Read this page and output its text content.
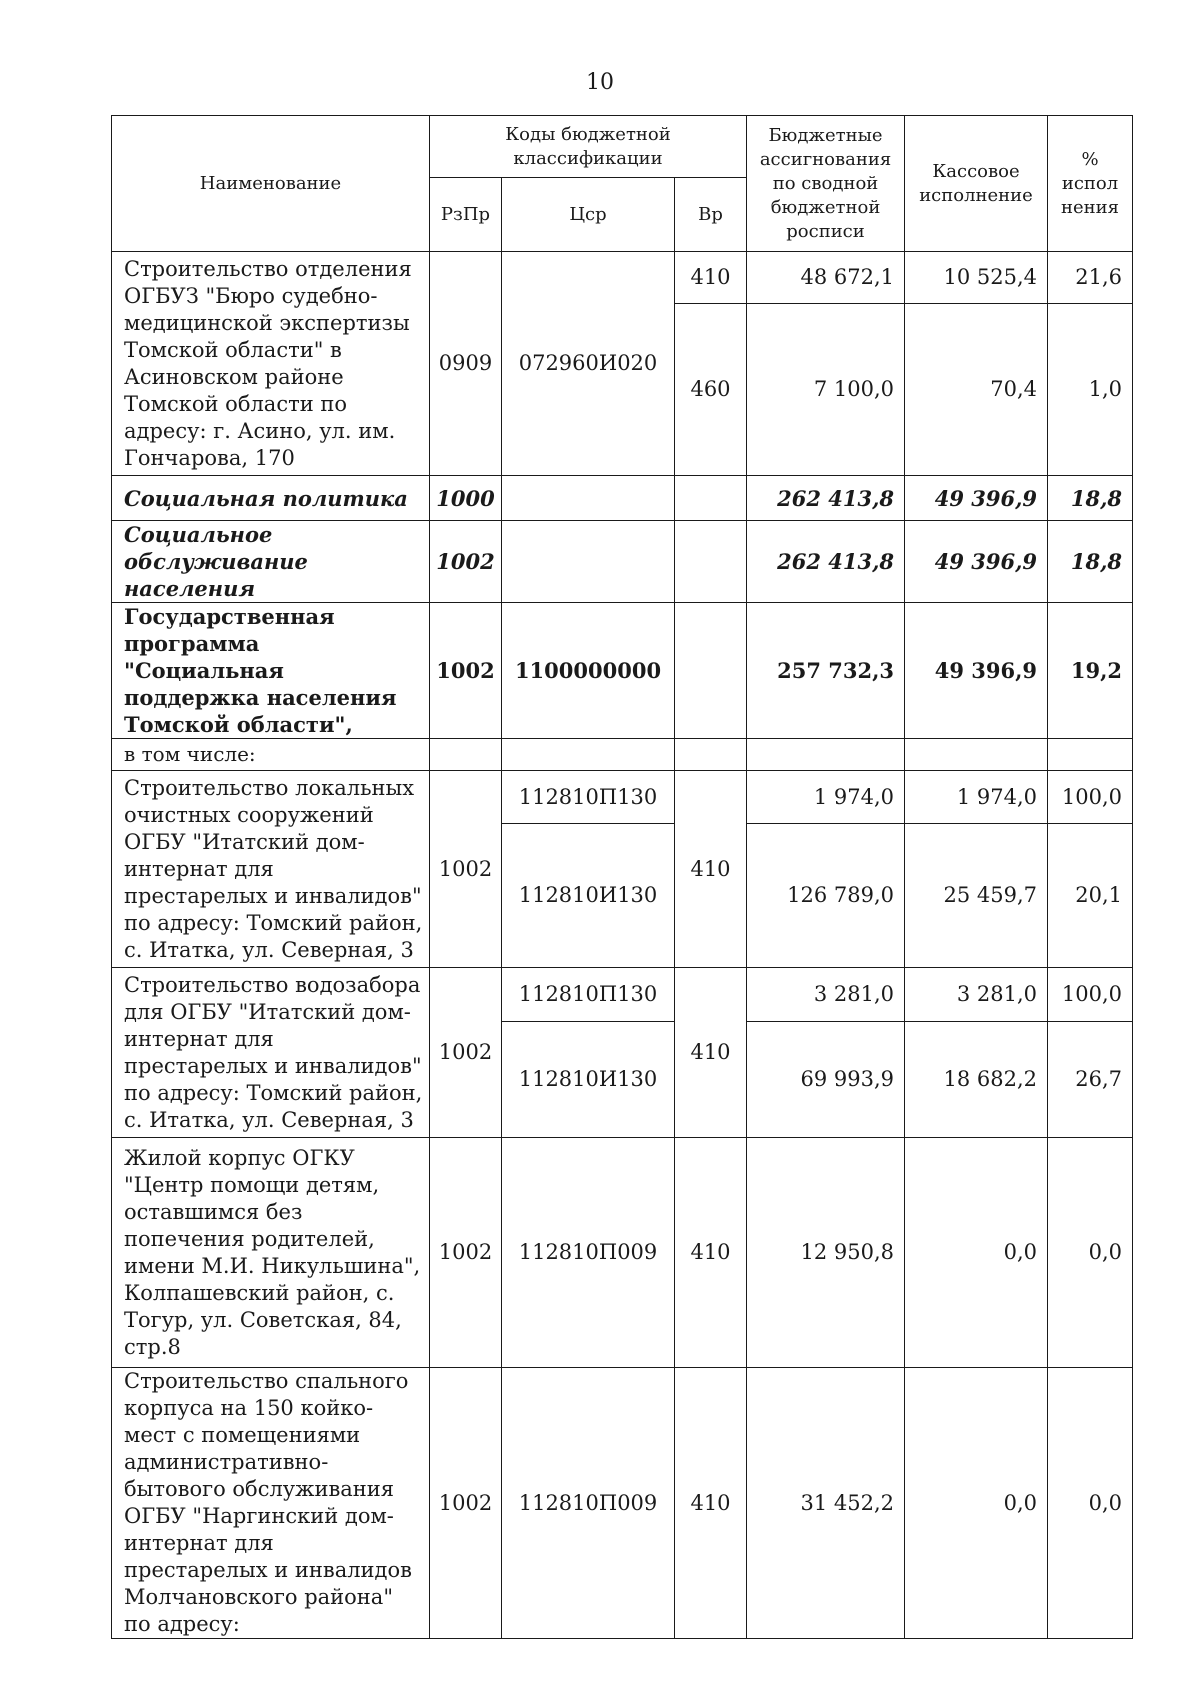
10
Наименование	Коды бюджетной классификации			Бюджетные ассигнования по сводной бюджетной росписи	Кассовое исполнение	% испол нения
	РзПр	Цср	Вр			
Строительство отделения ОГБУЗ "Бюро судебно-медицинской экспертизы Томской области" в Асиновском районе Томской области по адресу: г. Асино, ул. им. Гончарова, 170	0909	072960И020	410	48 672,1	10 525,4	21,6
			460	7 100,0	70,4	1,0
Социальная политика	1000			262 413,8	49 396,9	18,8
Социальное обслуживание населения	1002			262 413,8	49 396,9	18,8
Государственная программа "Социальная поддержка населения Томской области",	1002	1100000000		257 732,3	49 396,9	19,2
в том числе:						
Строительство локальных очистных сооружений ОГБУ "Итатский дом-интернат для престарелых и инвалидов" по адресу: Томский район, с. Итатка, ул. Северная, 3	1002	112810П130	410	1 974,0	1 974,0	100,0
		112810И130		126 789,0	25 459,7	20,1
Строительство водозабора для ОГБУ "Итатский дом-интернат для престарелых и инвалидов" по адресу: Томский район, с. Итатка, ул. Северная, 3	1002	112810П130	410	3 281,0	3 281,0	100,0
		112810И130		69 993,9	18 682,2	26,7
Жилой корпус ОГКУ "Центр помощи детям, оставшимся без попечения родителей, имени М.И. Никульшина", Колпашевский район, с. Тогур, ул. Советская, 84, стр.8	1002	112810П009	410	12 950,8	0,0	0,0
Строительство спального корпуса на 150 койко-мест с помещениями административно-бытового обслуживания ОГБУ "Наргинский дом-интернат для престарелых и инвалидов Молчановского района" по адресу:	1002	112810П009	410	31 452,2	0,0	0,0
